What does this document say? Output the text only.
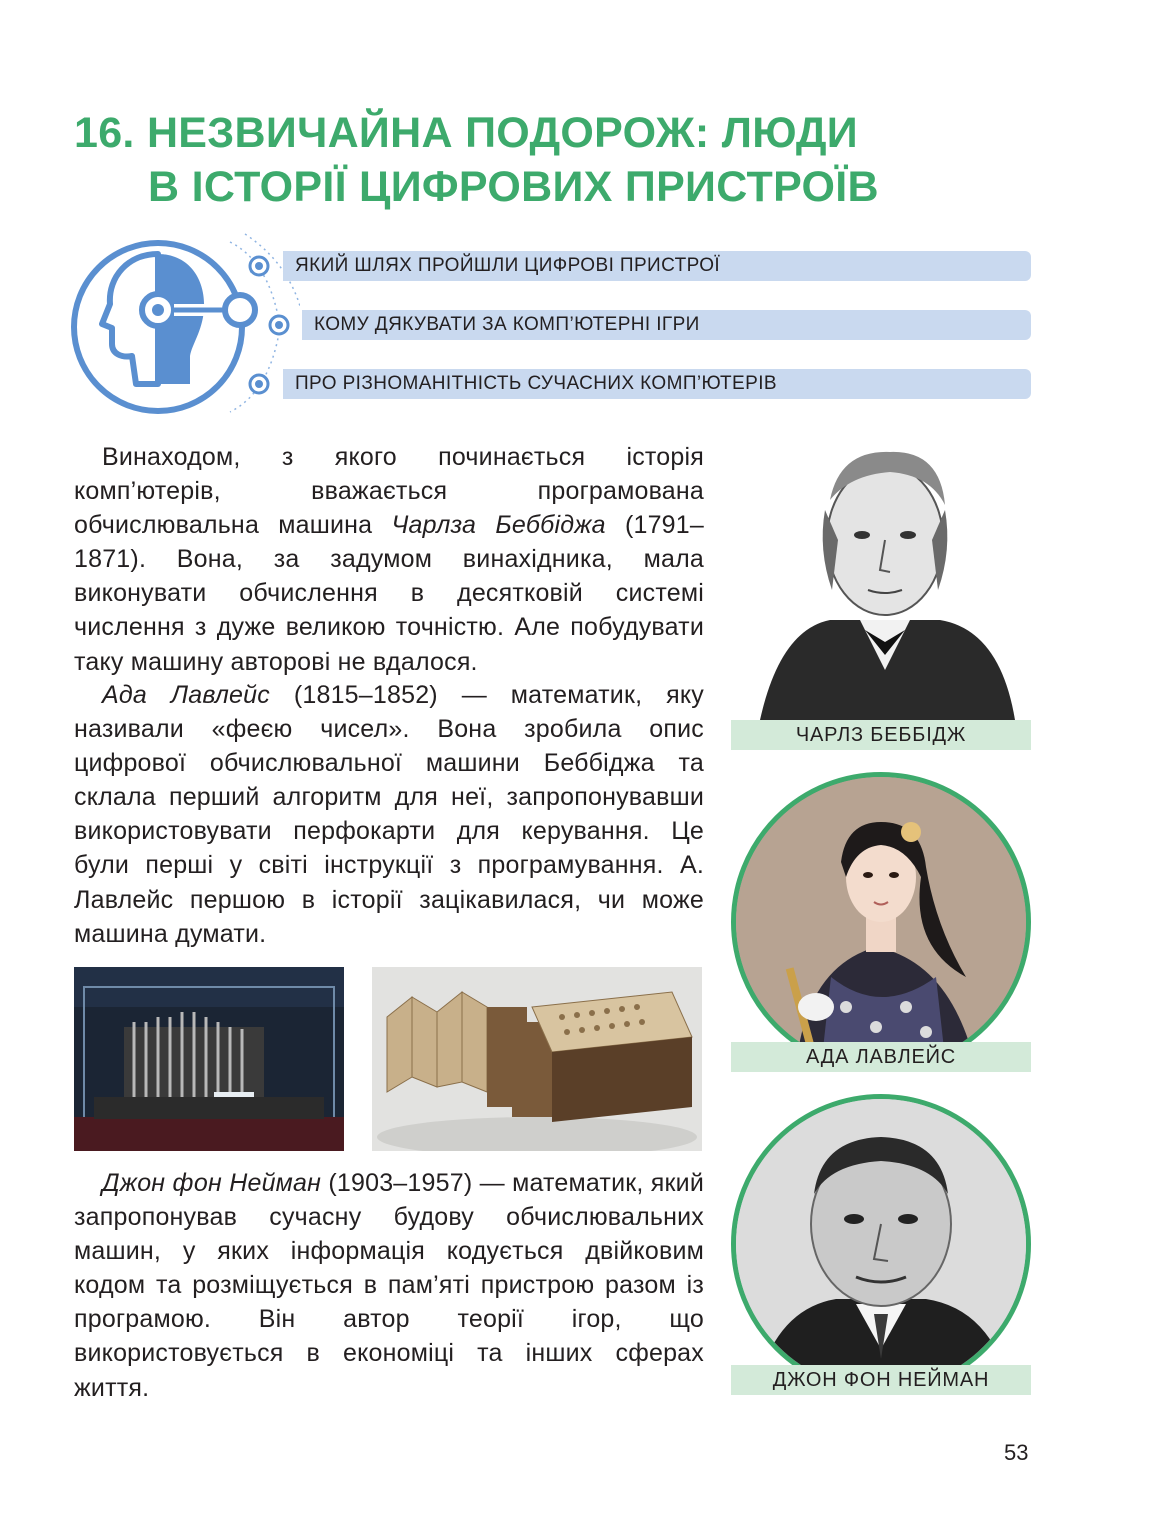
16. НЕЗВИЧАЙНА ПОДОРОЖ: ЛЮДИ
В ІСТОРІЇ ЦИФРОВИХ ПРИСТРОЇВ
ЯКИЙ ШЛЯХ ПРОЙШЛИ ЦИФРОВІ ПРИСТРОЇ
КОМУ ДЯКУВАТИ ЗА КОМП’ЮТЕРНІ ІГРИ
ПРО РІЗНОМАНІТНІСТЬ СУЧАСНИХ КОМП’ЮТЕРІВ

Винаходом, з якого починається історія комп’ютерів, вважається програмована обчислювальна машина Чарлза Беббіджа (1791–1871). Вона, за задумом винахідника, мала виконувати обчислення в десятковій системі числення з дуже великою точністю. Але побудувати таку машину авторові не вдалося.

Ада Лавлейс (1815–1852) — математик, яку називали «феєю чисел». Вона зробила опис цифрової обчислювальної машини Беббіджа та склала перший алгоритм для неї, запропонувавши використовувати перфокарти для керування. Це були перші у світі інструкції з програмування. А. Лавлейс першою в історії зацікавилася, чи може машина думати.

Джон фон Нейман (1903–1957) — математик, який запропонував сучасну будову обчислювальних машин, у яких інформація кодується двійковим кодом та розміщується в пам’яті пристрою разом із програмою. Він автор теорії ігор, що використовується в економіці та інших сферах життя.

ЧАРЛЗ БЕББІДЖ
АДА ЛАВЛЕЙС
ДЖОН ФОН НЕЙМАН
53
